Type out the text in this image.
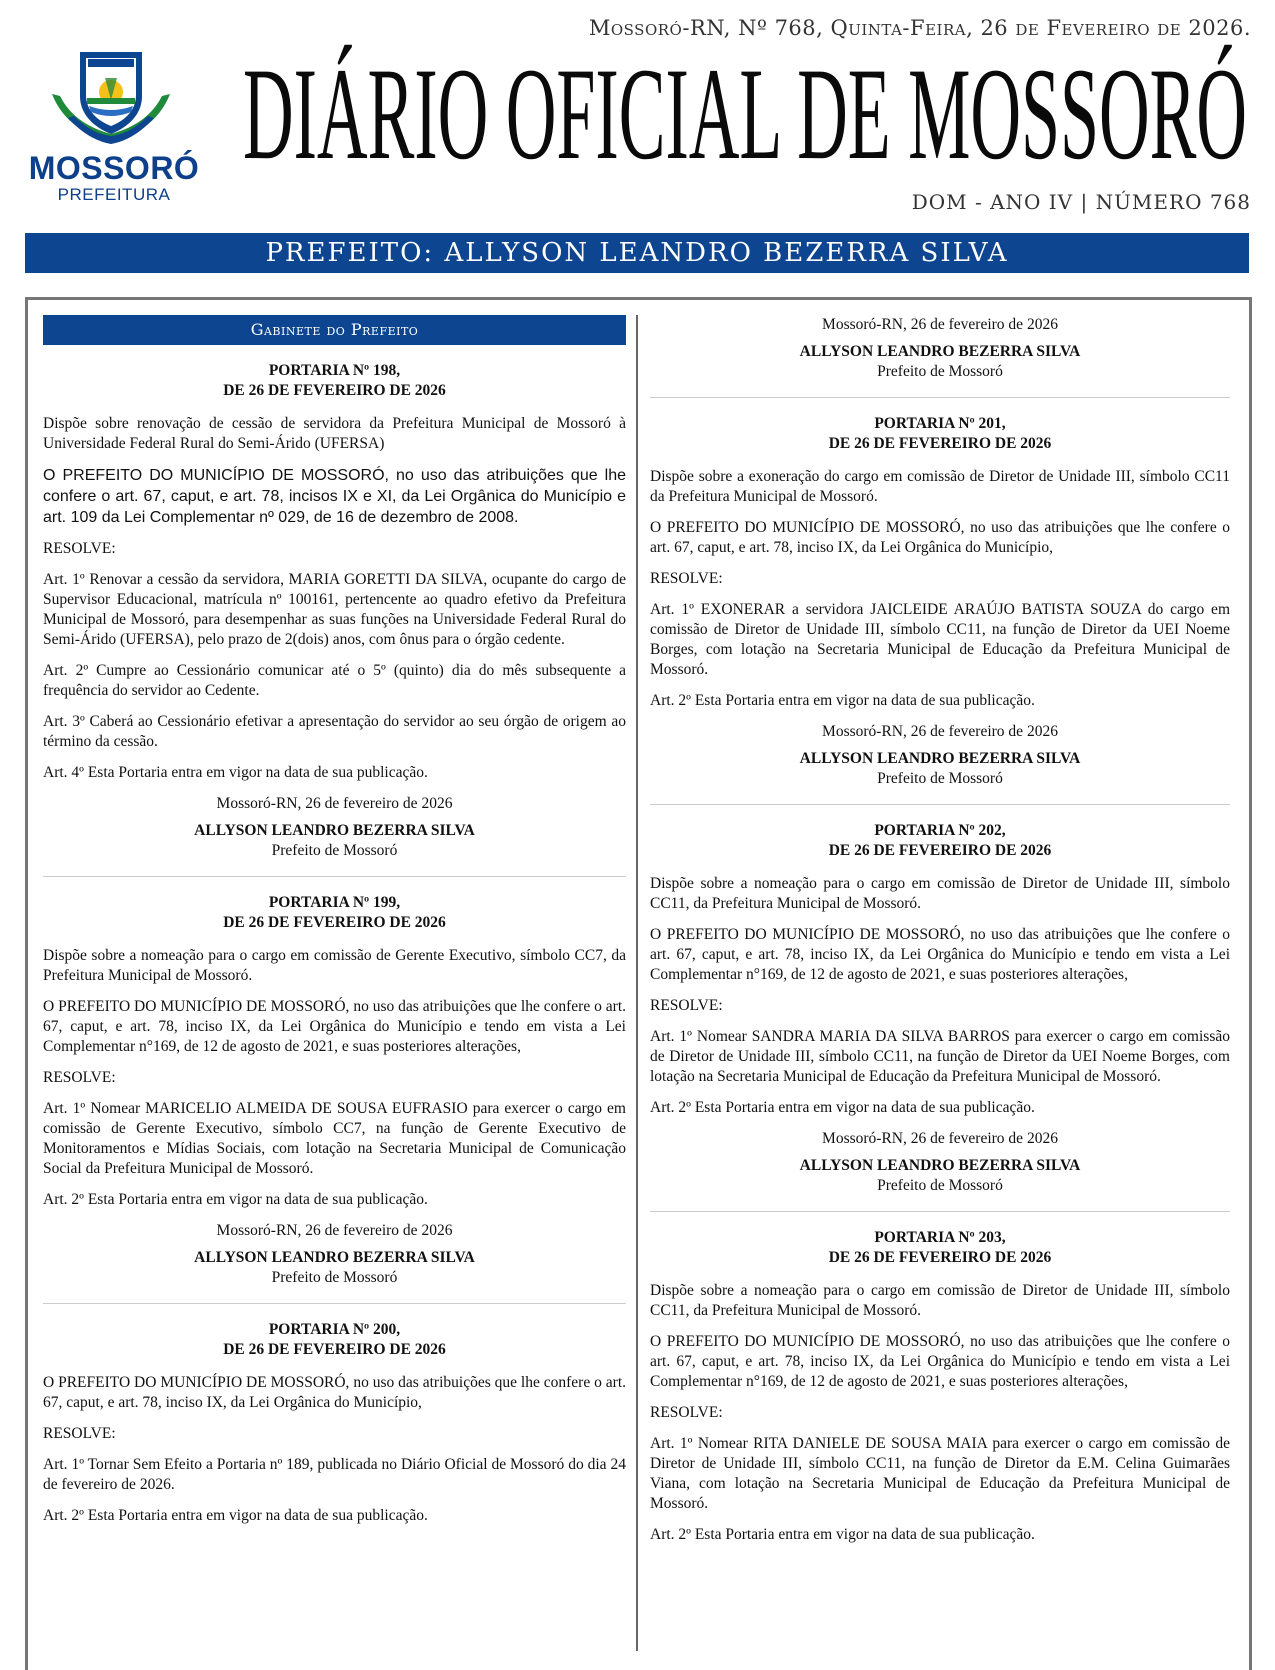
MOSSORÓ
PREFEITURA
Mossoró-RN, Nº 768, Quinta-Feira, 26 de Fevereiro de 2026.
DIÁRIO OFICIAL DE MOSSORÓ
DOM - ANO IV | NÚMERO 768
PREFEITO: ALLYSON LEANDRO BEZERRA SILVA
Gabinete do Prefeito
PORTARIA Nº 198,
DE 26 DE FEVEREIRO DE 2026

Dispõe sobre renovação de cessão de servidora da Prefeitura Municipal de Mossoró à Universidade Federal Rural do Semi-Árido (UFERSA)

O PREFEITO DO MUNICÍPIO DE MOSSORÓ, no uso das atribuições que lhe confere o art. 67, caput, e art. 78, incisos IX e XI, da Lei Orgânica do Município e art. 109 da Lei Complementar nº 029, de 16 de dezembro de 2008.

RESOLVE:

Art. 1º Renovar a cessão da servidora, MARIA GORETTI DA SILVA, ocupante do cargo de Supervisor Educacional, matrícula nº 100161, pertencente ao quadro efetivo da Prefeitura Municipal de Mossoró, para desempenhar as suas funções na Universidade Federal Rural do Semi-Árido (UFERSA), pelo prazo de 2(dois) anos, com ônus para o órgão cedente.

Art. 2º Cumpre ao Cessionário comunicar até o 5º (quinto) dia do mês subsequente a frequência do servidor ao Cedente.

Art. 3º Caberá ao Cessionário efetivar a apresentação do servidor ao seu órgão de origem ao término da cessão.

Art. 4º Esta Portaria entra em vigor na data de sua publicação.

Mossoró-RN, 26 de fevereiro de 2026

ALLYSON LEANDRO BEZERRA SILVA

Prefeito de Mossoró

PORTARIA Nº 199,
DE 26 DE FEVEREIRO DE 2026

Dispõe sobre a nomeação para o cargo em comissão de Gerente Executivo, símbolo CC7, da Prefeitura Municipal de Mossoró.

O PREFEITO DO MUNICÍPIO DE MOSSORÓ, no uso das atribuições que lhe confere o art. 67, caput, e art. 78, inciso IX, da Lei Orgânica do Município e tendo em vista a Lei Complementar n°169, de 12 de agosto de 2021, e suas posteriores alterações,

RESOLVE:

Art. 1º Nomear MARICELIO ALMEIDA DE SOUSA EUFRASIO para exercer o cargo em comissão de Gerente Executivo, símbolo CC7, na função de Gerente Executivo de Monitoramentos e Mídias Sociais, com lotação na Secretaria Municipal de Comunicação Social da Prefeitura Municipal de Mossoró.

Art. 2º Esta Portaria entra em vigor na data de sua publicação.

Mossoró-RN, 26 de fevereiro de 2026

ALLYSON LEANDRO BEZERRA SILVA

Prefeito de Mossoró

PORTARIA Nº 200,
DE 26 DE FEVEREIRO DE 2026

O PREFEITO DO MUNICÍPIO DE MOSSORÓ, no uso das atribuições que lhe confere o art. 67, caput, e art. 78, inciso IX, da Lei Orgânica do Município,

RESOLVE:

Art. 1º Tornar Sem Efeito a Portaria nº 189, publicada no Diário Oficial de Mossoró do dia 24 de fevereiro de 2026.

Art. 2º Esta Portaria entra em vigor na data de sua publicação.

Mossoró-RN, 26 de fevereiro de 2026

ALLYSON LEANDRO BEZERRA SILVA

Prefeito de Mossoró

PORTARIA Nº 201,
DE 26 DE FEVEREIRO DE 2026

Dispõe sobre a exoneração do cargo em comissão de Diretor de Unidade III, símbolo CC11 da Prefeitura Municipal de Mossoró.

O PREFEITO DO MUNICÍPIO DE MOSSORÓ, no uso das atribuições que lhe confere o art. 67, caput, e art. 78, inciso IX, da Lei Orgânica do Município,

RESOLVE:

Art. 1º EXONERAR a servidora JAICLEIDE ARAÚJO BATISTA SOUZA do cargo em comissão de Diretor de Unidade III, símbolo CC11, na função de Diretor da UEI Noeme Borges, com lotação na Secretaria Municipal de Educação da Prefeitura Municipal de Mossoró.

Art. 2º Esta Portaria entra em vigor na data de sua publicação.

Mossoró-RN, 26 de fevereiro de 2026

ALLYSON LEANDRO BEZERRA SILVA

Prefeito de Mossoró

PORTARIA Nº 202,
DE 26 DE FEVEREIRO DE 2026

Dispõe sobre a nomeação para o cargo em comissão de Diretor de Unidade III, símbolo CC11, da Prefeitura Municipal de Mossoró.

O PREFEITO DO MUNICÍPIO DE MOSSORÓ, no uso das atribuições que lhe confere o art. 67, caput, e art. 78, inciso IX, da Lei Orgânica do Município e tendo em vista a Lei Complementar n°169, de 12 de agosto de 2021, e suas posteriores alterações,

RESOLVE:

Art. 1º Nomear SANDRA MARIA DA SILVA BARROS para exercer o cargo em comissão de Diretor de Unidade III, símbolo CC11, na função de Diretor da UEI Noeme Borges, com lotação na Secretaria Municipal de Educação da Prefeitura Municipal de Mossoró.

Art. 2º Esta Portaria entra em vigor na data de sua publicação.

Mossoró-RN, 26 de fevereiro de 2026

ALLYSON LEANDRO BEZERRA SILVA

Prefeito de Mossoró

PORTARIA Nº 203,
DE 26 DE FEVEREIRO DE 2026

Dispõe sobre a nomeação para o cargo em comissão de Diretor de Unidade III, símbolo CC11, da Prefeitura Municipal de Mossoró.

O PREFEITO DO MUNICÍPIO DE MOSSORÓ, no uso das atribuições que lhe confere o art. 67, caput, e art. 78, inciso IX, da Lei Orgânica do Município e tendo em vista a Lei Complementar n°169, de 12 de agosto de 2021, e suas posteriores alterações,

RESOLVE:

Art. 1º Nomear RITA DANIELE DE SOUSA MAIA para exercer o cargo em comissão de Diretor de Unidade III, símbolo CC11, na função de Diretor da E.M. Celina Guimarães Viana, com lotação na Secretaria Municipal de Educação da Prefeitura Municipal de Mossoró.

Art. 2º Esta Portaria entra em vigor na data de sua publicação.
